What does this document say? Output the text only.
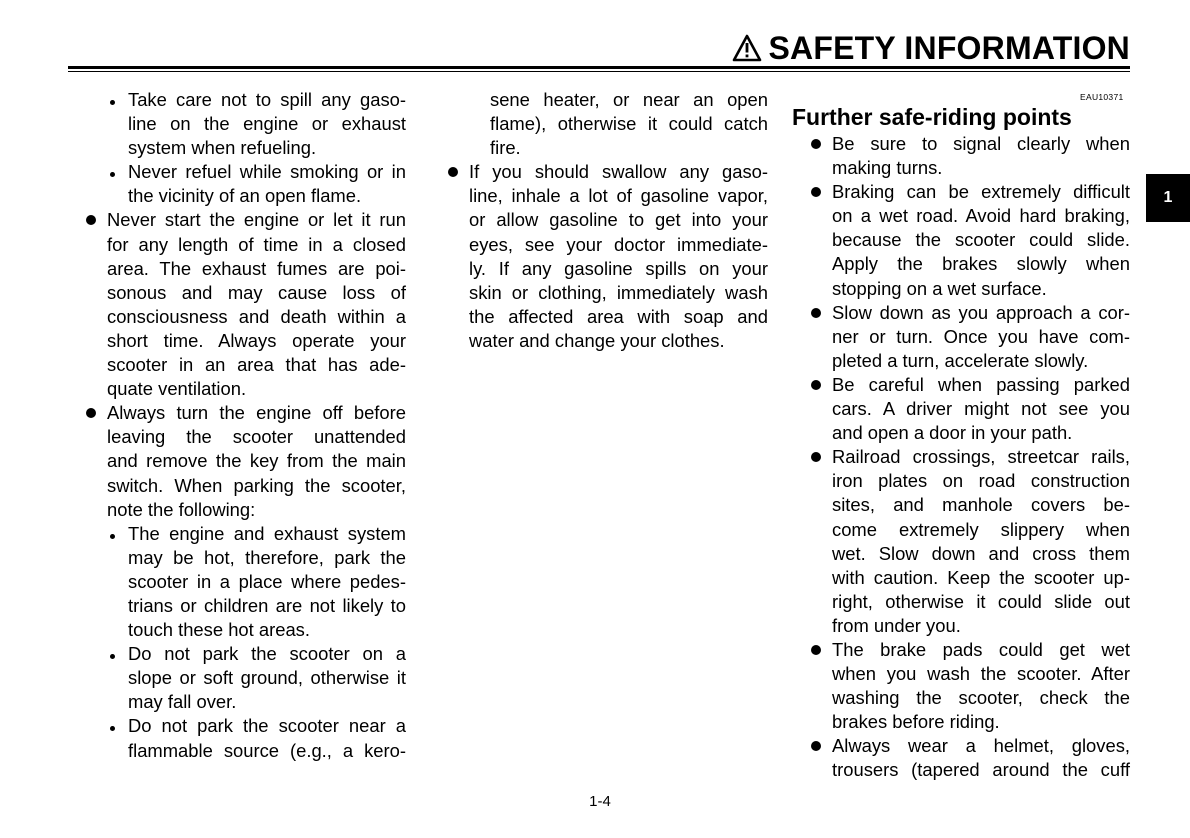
SAFETY INFORMATION
Take care not to spill any gaso-
line on the engine or exhaust
system when refueling.
Never refuel while smoking or in
the vicinity of an open flame.
Never start the engine or let it run
for any length of time in a closed
area. The exhaust fumes are poi-
sonous and may cause loss of
consciousness and death within a
short time. Always operate your
scooter in an area that has ade-
quate ventilation.
Always turn the engine off before
leaving the scooter unattended
and remove the key from the main
switch. When parking the scooter,
note the following:
The engine and exhaust system
may be hot, therefore, park the
scooter in a place where pedes-
trians or children are not likely to
touch these hot areas.
Do not park the scooter on a
slope or soft ground, otherwise it
may fall over.
Do not park the scooter near a
flammable source (e.g., a kero-
sene heater, or near an open
flame), otherwise it could catch
fire.
If you should swallow any gaso-
line, inhale a lot of gasoline vapor,
or allow gasoline to get into your
eyes, see your doctor immediate-
ly. If any gasoline spills on your
skin or clothing, immediately wash
the affected area with soap and
water and change your clothes.
EAU10371
Further safe-riding points
Be sure to signal clearly when
making turns.
Braking can be extremely difficult
on a wet road. Avoid hard braking,
because the scooter could slide.
Apply the brakes slowly when
stopping on a wet surface.
Slow down as you approach a cor-
ner or turn. Once you have com-
pleted a turn, accelerate slowly.
Be careful when passing parked
cars. A driver might not see you
and open a door in your path.
Railroad crossings, streetcar rails,
iron plates on road construction
sites, and manhole covers be-
come extremely slippery when
wet. Slow down and cross them
with caution. Keep the scooter up-
right, otherwise it could slide out
from under you.
The brake pads could get wet
when you wash the scooter. After
washing the scooter, check the
brakes before riding.
Always wear a helmet, gloves,
trousers (tapered around the cuff
1
1-4
